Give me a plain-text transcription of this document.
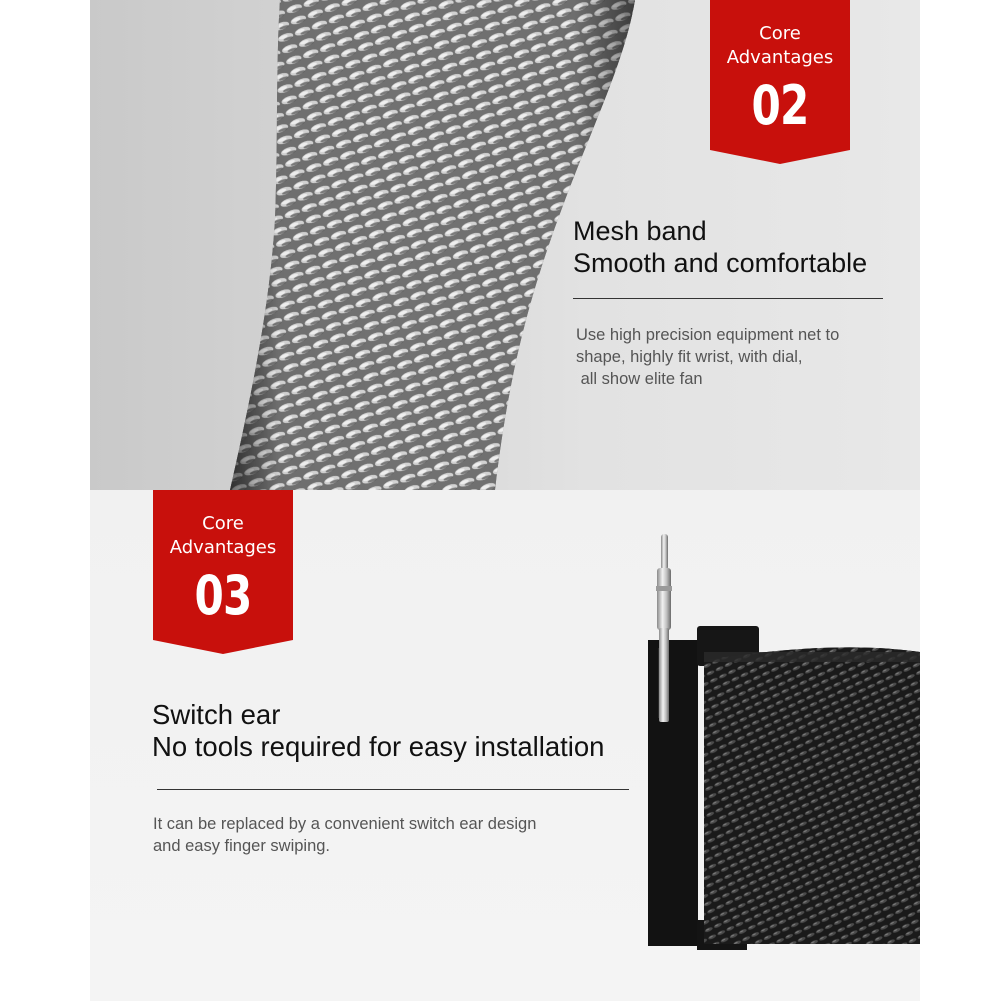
Core
Advantages
02
Core
Advantages
03
Mesh band
Smooth and comfortable
Use high precision equipment net to
shape, highly fit wrist, with dial,
all show elite fan
Switch ear
No tools required for easy installation
It can be replaced by a convenient switch ear design
and easy finger swiping.
